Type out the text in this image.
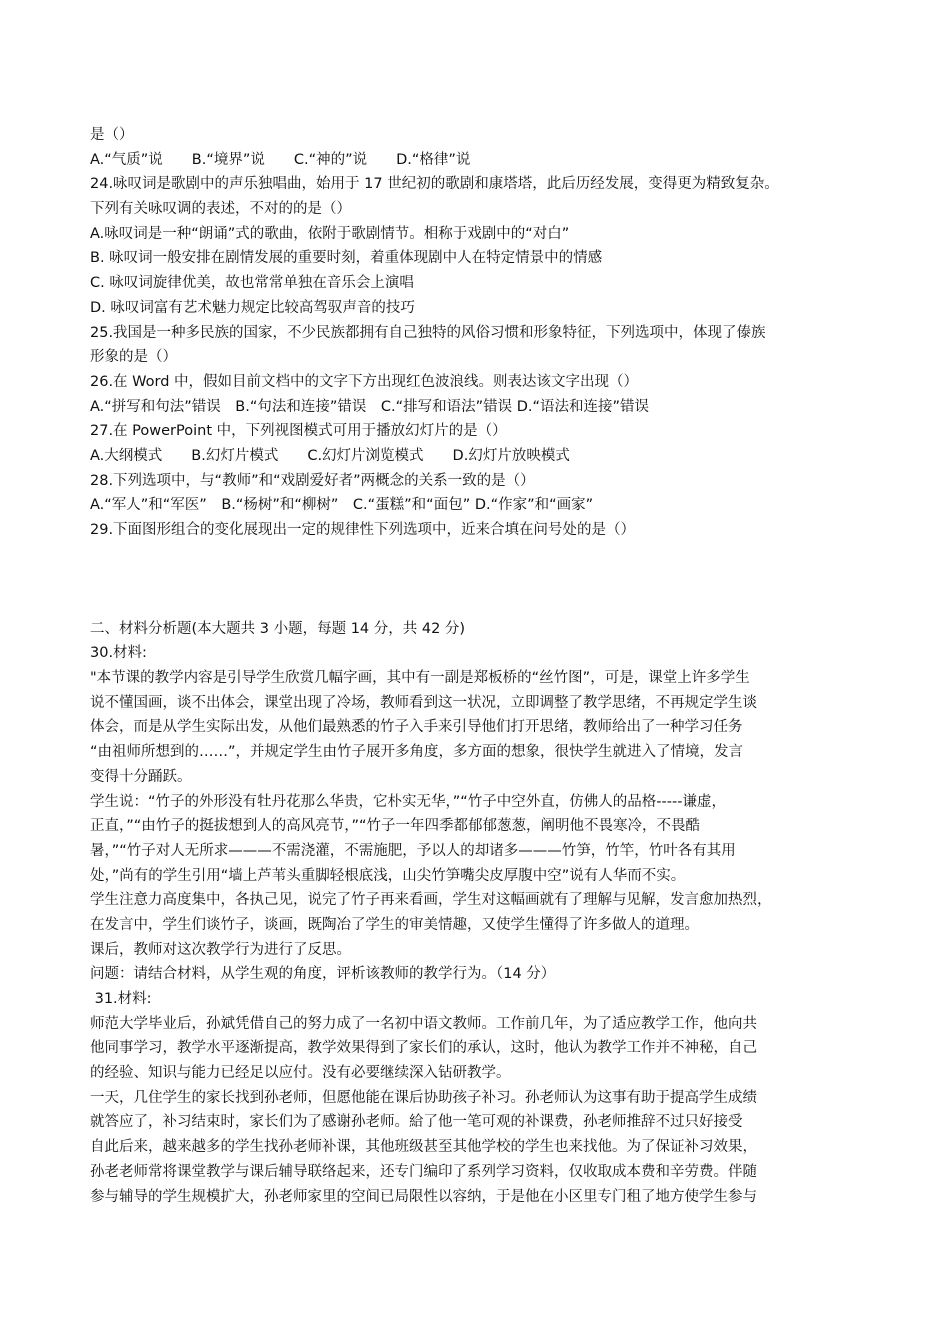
是（）
A.“气质”说　　B.“境界”说　　C.“神的”说　　D.“格律”说
24.咏叹词是歌剧中的声乐独唱曲，始用于 17 世纪初的歌剧和康塔塔，此后历经发展，变得更为精致复杂。
下列有关咏叹调的表述，不对的的是（）
A.咏叹词是一种“朗诵”式的歌曲，依附于歌剧情节。相称于戏剧中的“对白”
B. 咏叹词一般安排在剧情发展的重要时刻，着重体现剧中人在特定情景中的情感
C. 咏叹词旋律优美，故也常常单独在音乐会上演唱
D. 咏叹词富有艺术魅力规定比较高驾驭声音的技巧
25.我国是一种多民族的国家，不少民族都拥有自己独特的风俗习惯和形象特征，下列选项中，体现了傣族
形象的是（）
26.在 Word 中，假如目前文档中的文字下方出现红色波浪线。则表达该文字出现（）
A.“拼写和句法”错误　B.“句法和连接”错误　C.“排写和语法”错误 D.“语法和连接”错误
27.在 PowerPoint 中，下列视图模式可用于播放幻灯片的是（）
A.大纲模式　　B.幻灯片模式　　C.幻灯片浏览模式　　D.幻灯片放映模式
28.下列选项中，与“教师”和“戏剧爱好者”两概念的关系一致的是（）
A.“军人”和“军医”　B.“杨树”和“柳树”　C.“蛋糕”和“面包” D.“作家”和“画家”
29.下面图形组合的变化展现出一定的规律性下列选项中，近来合填在问号处的是（）
二、材料分析题(本大题共 3 小题，每题 14 分，共 42 分)
30.材料:
"本节课的教学内容是引导学生欣赏几幅字画，其中有一副是郑板桥的“丝竹图”，可是，课堂上许多学生
说不懂国画，谈不出体会，课堂出现了冷场，教师看到这一状况，立即调整了教学思绪，不再规定学生谈
体会，而是从学生实际出发，从他们最熟悉的竹子入手来引导他们打开思绪，教师给出了一种学习任务
“由祖师所想到的……”，并规定学生由竹子展开多角度，多方面的想象，很快学生就进入了情境，发言
变得十分踊跃。
学生说：“竹子的外形没有牡丹花那么华贵，它朴实无华，”“竹子中空外直，仿佛人的品格-----谦虚，
正直，”“由竹子的挺拔想到人的高风亮节，”“竹子一年四季都郁郁葱葱，阐明他不畏寒冷，不畏酷
暑，”“竹子对人无所求———不需浇灌，不需施肥，予以人的却诸多———竹笋，竹竿，竹叶各有其用
处，”尚有的学生引用“墙上芦苇头重脚轻根底浅，山尖竹笋嘴尖皮厚腹中空”说有人华而不实。
学生注意力高度集中，各执己见，说完了竹子再来看画，学生对这幅画就有了理解与见解，发言愈加热烈，
在发言中，学生们谈竹子，谈画，既陶冶了学生的审美情趣，又使学生懂得了许多做人的道理。
课后，教师对这次教学行为进行了反思。
问题：请结合材料，从学生观的角度，评析该教师的教学行为。（14 分）
31.材料:
师范大学毕业后，孙斌凭借自己的努力成了一名初中语文教师。工作前几年，为了适应教学工作，他向共
他同事学习，教学水平逐渐提高，教学效果得到了家长们的承认，这时，他认为教学工作并不神秘，自己
的经验、知识与能力已经足以应付。没有必要继续深入钻研教学。
一天，几住学生的家长找到孙老师，但愿他能在课后协助孩子补习。孙老师认为这事有助于提高学生成绩
就答应了，补习结束时，家长们为了感谢孙老师。給了他一笔可观的补课费，孙老师推辞不过只好接受
自此后来，越来越多的学生找孙老师补课，其他班级甚至其他学校的学生也来找他。为了保证补习效果，
孙老老师常将课堂教学与课后辅导联络起来，还专门编印了系列学习资料，仅收取成本费和辛劳费。伴随
参与辅导的学生规模扩大，孙老师家里的空间已局限性以容纳，于是他在小区里专门租了地方使学生参与
